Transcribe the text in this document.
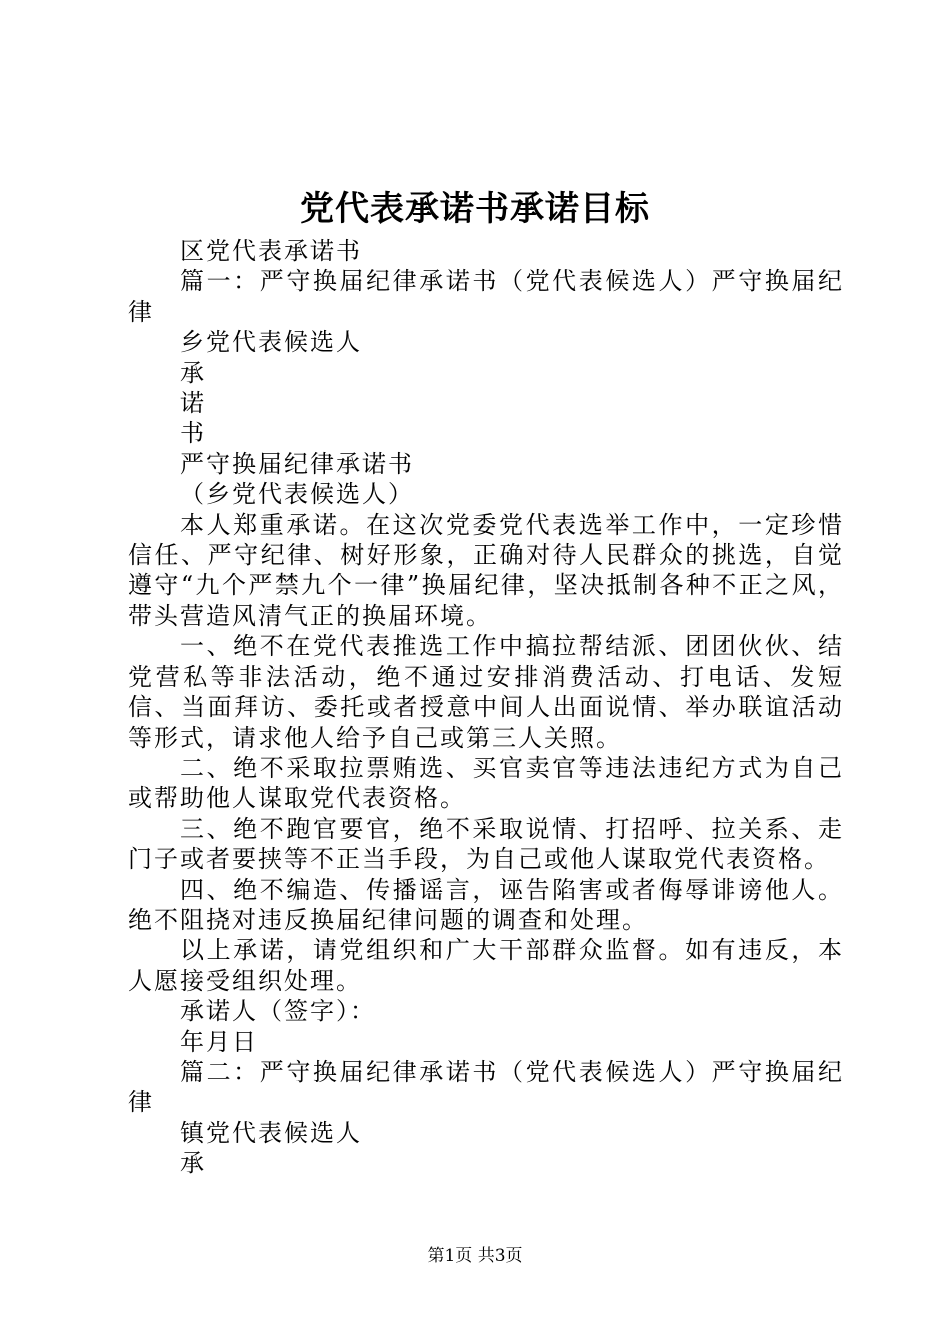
党代表承诺书承诺目标

区党代表承诺书

篇一：严守换届纪律承诺书（党代表候选人）严守换届纪律

乡党代表候选人

承

诺

书

严守换届纪律承诺书

（乡党代表候选人）

本人郑重承诺。在这次党委党代表选举工作中，一定珍惜信任、严守纪律、树好形象，正确对待人民群众的挑选，自觉遵守“九个严禁九个一律”换届纪律，坚决抵制各种不正之风，带头营造风清气正的换届环境。

一、绝不在党代表推选工作中搞拉帮结派、团团伙伙、结党营私等非法活动，绝不通过安排消费活动、打电话、发短信、当面拜访、委托或者授意中间人出面说情、举办联谊活动等形式，请求他人给予自己或第三人关照。

二、绝不采取拉票贿选、买官卖官等违法违纪方式为自己或帮助他人谋取党代表资格。

三、绝不跑官要官，绝不采取说情、打招呼、拉关系、走门子或者要挟等不正当手段，为自己或他人谋取党代表资格。

四、绝不编造、传播谣言，诬告陷害或者侮辱诽谤他人。绝不阻挠对违反换届纪律问题的调查和处理。

以上承诺，请党组织和广大干部群众监督。如有违反，本人愿接受组织处理。

承诺人（签字）：

年月日

篇二：严守换届纪律承诺书（党代表候选人）严守换届纪律

镇党代表候选人

承

第1页 共3页
